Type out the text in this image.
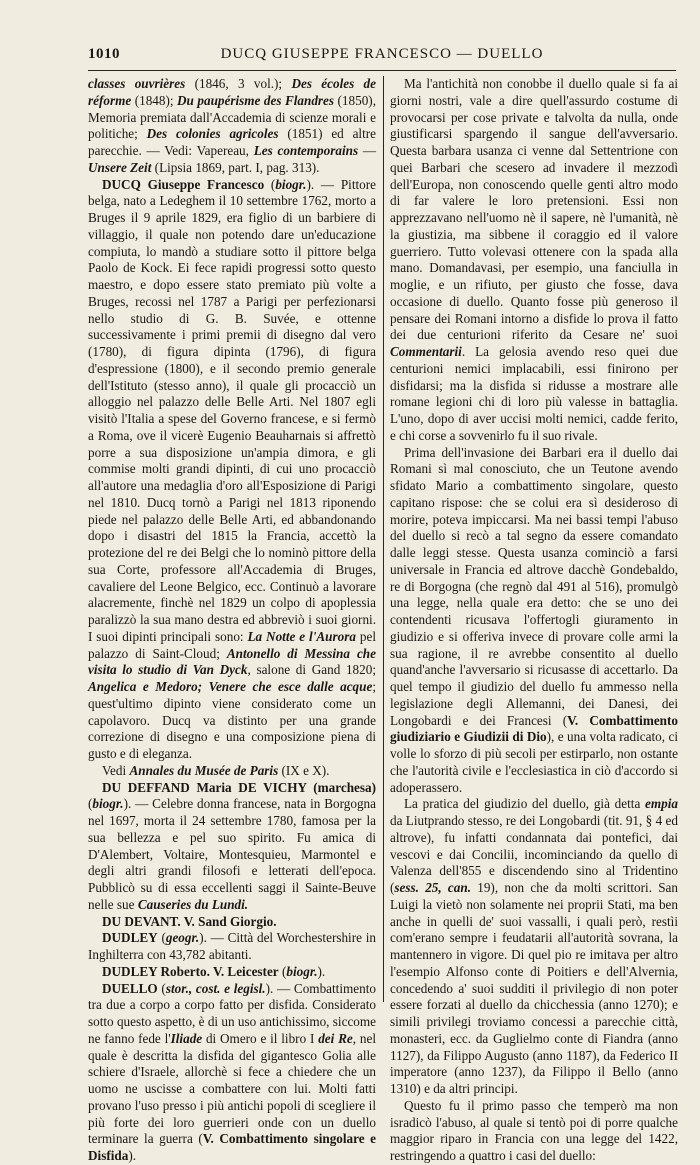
1010	DUCQ GIUSEPPE FRANCESCO — DUELLO

classes ouvrières (1846, 3 vol.); Des écoles de réforme (1848); Du paupérisme des Flandres (1850), Memoria premiata dall'Accademia di scienze morali e politiche; Des colonies agricoles (1851) ed altre parecchie. — Vedi: Vapereau, Les contemporains — Unsere Zeit (Lipsia 1869, part. I, pag. 313).

DUCQ Giuseppe Francesco (biogr.). — Pittore belga, nato a Ledeghem il 10 settembre 1762, morto a Bruges il 9 aprile 1829, era figlio di un barbiere di villaggio, il quale non potendo dare un'educazione compiuta, lo mandò a studiare sotto il pittore belga Paolo de Kock. Ei fece rapidi progressi sotto questo maestro, e dopo essere stato premiato più volte a Bruges, recossi nel 1787 a Parigi per perfezionarsi nello studio di G. B. Suvée, e ottenne successivamente i primi premii di disegno dal vero (1780), di figura dipinta (1796), di figura d'espressione (1800), e il secondo premio generale dell'Istituto (stesso anno), il quale gli procacciò un alloggio nel palazzo delle Belle Arti. Nel 1807 egli visitò l'Italia a spese del Governo francese, e si fermò a Roma, ove il vicerè Eugenio Beauharnais si affrettò porre a sua disposizione un'ampia dimora, e gli commise molti grandi dipinti, di cui uno procacciò all'autore una medaglia d'oro all'Esposizione di Parigi nel 1810. Ducq tornò a Parigi nel 1813 riponendo piede nel palazzo delle Belle Arti, ed abbandonando dopo i disastri del 1815 la Francia, accettò la protezione del re dei Belgi che lo nominò pittore della sua Corte, professore all'Accademia di Bruges, cavaliere del Leone Belgico, ecc. Continuò a lavorare alacremente, finchè nel 1829 un colpo di apoplessia paralizzò la sua mano destra ed abbreviò i suoi giorni. I suoi dipinti principali sono: La Notte e l'Aurora pel palazzo di Saint-Cloud; Antonello di Messina che visita lo studio di Van Dyck, salone di Gand 1820; Angelica e Medoro; Venere che esce dalle acque; quest'ultimo dipinto viene considerato come un capolavoro. Ducq va distinto per una grande correzione di disegno e una composizione piena di gusto e di eleganza.

Vedi Annales du Musée de Paris (IX e X).

DU DEFFAND Maria DE VICHY (marchesa) (biogr.). — Celebre donna francese, nata in Borgogna nel 1697, morta il 24 settembre 1780, famosa per la sua bellezza e pel suo spirito. Fu amica di D'Alembert, Voltaire, Montesquieu, Marmontel e degli altri grandi filosofi e letterati dell'epoca. Pubblicò su di essa eccellenti saggi il Sainte-Beuve nelle sue Causeries du Lundi.

DU DEVANT. V. Sand Giorgio.

DUDLEY (geogr.). — Città del Worchestershire in Inghilterra con 43,782 abitanti.

DUDLEY Roberto. V. Leicester (biogr.).

DUELLO (stor., cost. e legisl.). — Combattimento tra due a corpo a corpo fatto per disfida. Considerato sotto questo aspetto, è di un uso antichissimo, siccome ne fanno fede l'Iliade di Omero e il libro I dei Re, nel quale è descritta la disfida del gigantesco Golia alle schiere d'Israele, allorchè si fece a chiedere che un uomo ne uscisse a combattere con lui. Molti fatti provano l'uso presso i più antichi popoli di scegliere il più forte dei loro guerrieri onde con un duello terminare la guerra (V. Combattimento singolare e Disfida).

Ma l'antichità non conobbe il duello quale si fa ai giorni nostri, vale a dire quell'assurdo costume di provocarsi per cose private e talvolta da nulla, onde giustificarsi spargendo il sangue dell'avversario. Questa barbara usanza ci venne dal Settentrione con quei Barbari che scesero ad invadere il mezzodì dell'Europa, non conoscendo quelle genti altro modo di far valere le loro pretensioni. Essi non apprezzavano nell'uomo nè il sapere, nè l'umanità, nè la giustizia, ma sibbene il coraggio ed il valore guerriero. Tutto volevasi ottenere con la spada alla mano. Domandavasi, per esempio, una fanciulla in moglie, e un rifiuto, per giusto che fosse, dava occasione di duello. Quanto fosse più generoso il pensare dei Romani intorno a disfide lo prova il fatto dei due centurioni riferito da Cesare ne' suoi Commentarii. La gelosia avendo reso quei due centurioni nemici implacabili, essi finirono per disfidarsi; ma la disfida si ridusse a mostrare alle romane legioni chi di loro più valesse in battaglia. L'uno, dopo di aver uccisi molti nemici, cadde ferito, e chi corse a sovvenirlo fu il suo rivale.

Prima dell'invasione dei Barbari era il duello dai Romani sì mal conosciuto, che un Teutone avendo sfidato Mario a combattimento singolare, questo capitano rispose: che se colui era sì desideroso di morire, poteva impiccarsi. Ma nei bassi tempi l'abuso del duello si recò a tal segno da essere comandato dalle leggi stesse. Questa usanza cominciò a farsi universale in Francia ed altrove dacchè Gondebaldo, re di Borgogna (che regnò dal 491 al 516), promulgò una legge, nella quale era detto: che se uno dei contendenti ricusava l'offertogli giuramento in giudizio e si offeriva invece di provare colle armi la sua ragione, il re avrebbe consentito al duello quand'anche l'avversario si ricusasse di accettarlo. Da quel tempo il giudizio del duello fu ammesso nella legislazione degli Allemanni, dei Danesi, dei Longobardi e dei Francesi (V. Combattimento giudiziario e Giudizii di Dio), e una volta radicato, ci volle lo sforzo di più secoli per estirparlo, non ostante che l'autorità civile e l'ecclesiastica in ciò d'accordo si adoperassero.

La pratica del giudizio del duello, già detta empia da Liutprando stesso, re dei Longobardi (tit. 91, § 4 ed altrove), fu infatti condannata dai pontefici, dai vescovi e dai Concilii, incominciando da quello di Valenza dell'855 e discendendo sino al Tridentino (sess. 25, can. 19), non che da molti scrittori. San Luigi la vietò non solamente nei proprii Stati, ma ben anche in quelli de' suoi vassalli, i quali però, restìi com'erano sempre i feudatarii all'autorità sovrana, la mantennero in vigore. Di quel pio re imitava per altro l'esempio Alfonso conte di Poitiers e dell'Alvernia, concedendo a' suoi sudditi il privilegio di non poter essere forzati al duello da chicchessia (anno 1270); e simili privilegi troviamo concessi a parecchie città, monasteri, ecc. da Guglielmo conte di Fiandra (anno 1127), da Filippo Augusto (anno 1187), da Federico II imperatore (anno 1237), da Filippo il Bello (anno 1310) e da altri principi.

Questo fu il primo passo che temperò ma non isradicò l'abuso, al quale si tentò poi di porre qualche maggior riparo in Francia con una legge del 1422, restringendo a quattro i casi del duello:
